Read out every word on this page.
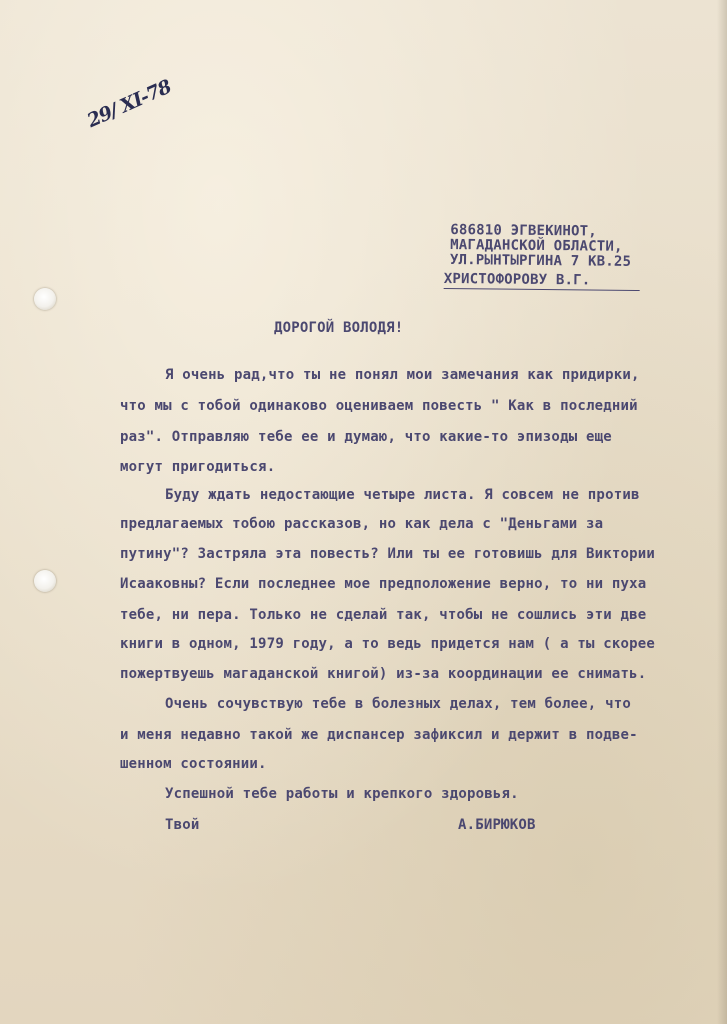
29/ XI-78
686810 ЭГВЕКИНОТ,
МАГАДАНСКОЙ ОБЛАСТИ,
УЛ.РЫНТЫРГИНА 7 КВ.25
ХРИСТОФОРОВУ В.Г.
ДОРОГОЙ ВОЛОДЯ!
Я очень рад,что ты не понял мои замечания как придирки,
что мы с тобой одинаково оцениваем повесть " Как в последний
раз". Отправляю тебе ее и думаю, что какие-то эпизоды еще
могут пригодиться.
Буду ждать недостающие четыре листа. Я совсем не против
предлагаемых тобою рассказов, но как дела с "Деньгами за
путину"? Застряла эта повесть? Или ты ее готовишь для Виктории
Исааковны? Если последнее мое предположение верно, то ни пуха
тебе, ни пера. Только не сделай так, чтобы не сошлись эти две
книги в одном, 1979 году, а то ведь придется нам ( а ты скорее
пожертвуешь магаданской книгой) из-за координации ее снимать.
Очень сочувствую тебе в болезных делах, тем более, что
и меня недавно такой же диспансер зафиксил и держит в подве-
шенном состоянии.
Успешной тебе работы и крепкого здоровья.
Твой	А.БИРЮКОВ
